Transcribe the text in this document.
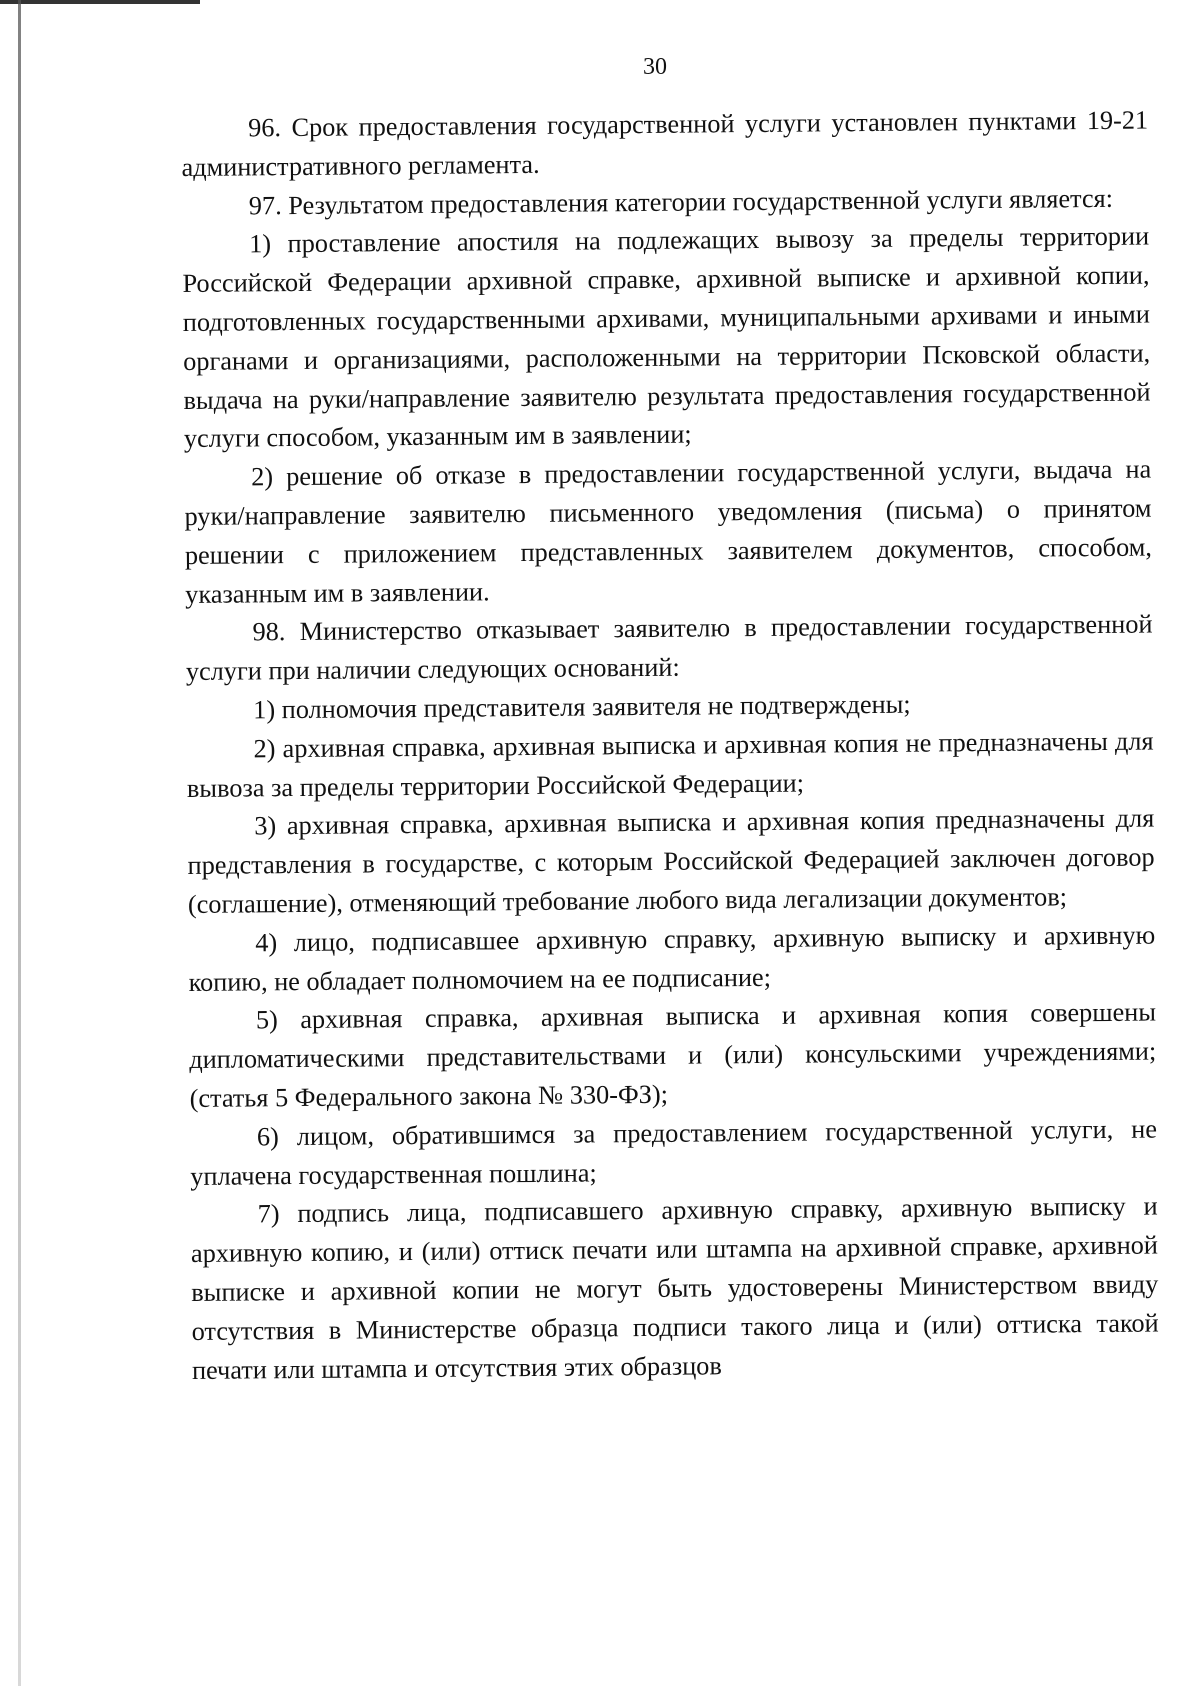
30

96. Срок предоставления государственной услуги установлен пунктами 19-21 административного регламента.

97. Результатом предоставления категории государственной услуги является:

1) проставление апостиля на подлежащих вывозу за пределы территории Российской Федерации архивной справке, архивной выписке и архивной копии, подготовленных государственными архивами, муниципальными архивами и иными органами и организациями, расположенными на территории Псковской области, выдача на руки/направление заявителю результата предоставления государственной услуги способом, указанным им в заявлении;

2) решение об отказе в предоставлении государственной услуги, выдача на руки/направление заявителю письменного уведомления (письма) о принятом решении с приложением представленных заявителем документов, способом, указанным им в заявлении.

98. Министерство отказывает заявителю в предоставлении государственной услуги при наличии следующих оснований:

1) полномочия представителя заявителя не подтверждены;

2) архивная справка, архивная выписка и архивная копия не предназначены для вывоза за пределы территории Российской Федерации;

3) архивная справка, архивная выписка и архивная копия предназначены для представления в государстве, с которым Российской Федерацией заключен договор (соглашение), отменяющий требование любого вида легализации документов;

4) лицо, подписавшее архивную справку, архивную выписку и архивную копию, не обладает полномочием на ее подписание;

5) архивная справка, архивная выписка и архивная копия совершены дипломатическими представительствами и (или) консульскими учреждениями; (статья 5 Федерального закона № 330-ФЗ);

6) лицом, обратившимся за предоставлением государственной услуги, не уплачена государственная пошлина;

7) подпись лица, подписавшего архивную справку, архивную выписку и архивную копию, и (или) оттиск печати или штампа на архивной справке, архивной выписке и архивной копии не могут быть удостоверены Министерством ввиду отсутствия в Министерстве образца подписи такого лица и (или) оттиска такой печати или штампа и отсутствия этих образцов
